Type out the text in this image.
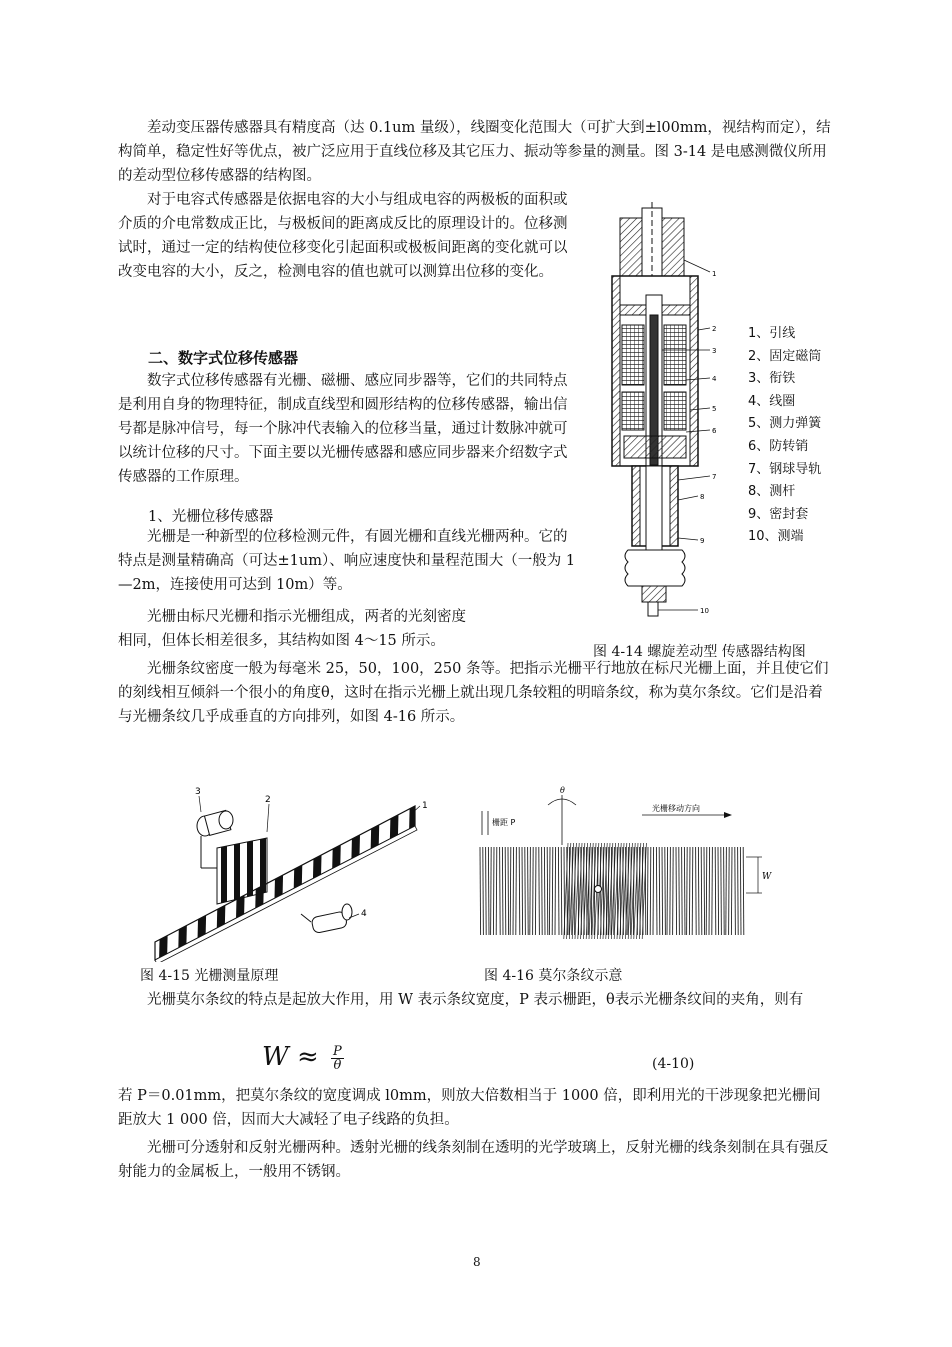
差动变压器传感器具有精度高（达 0.1um 量级），线圈变化范围大（可扩大到±l00mm，视结构而定），结构简单，稳定性好等优点，被广泛应用于直线位移及其它压力、振动等参量的测量。图 3-14 是电感测微仪所用的差动型位移传感器的结构图。

对于电容式传感器是依据电容的大小与组成电容的两极板的面积或介质的介电常数成正比，与极板间的距离成反比的原理设计的。位移测试时，通过一定的结构使位移变化引起面积或极板间距离的变化就可以改变电容的大小，反之，检测电容的值也就可以测算出位移的变化。

二、数字式位移传感器

数字式位移传感器有光栅、磁栅、感应同步器等，它们的共同特点是利用自身的物理特征，制成直线型和圆形结构的位移传感器，输出信号都是脉冲信号，每一个脉冲代表输入的位移当量，通过计数脉冲就可以统计位移的尺寸。下面主要以光栅传感器和感应同步器来介绍数字式传感器的工作原理。

1、光栅位移传感器

光栅是一种新型的位移检测元件，有圆光栅和直线光栅两种。它的特点是测量精确高（可达±1um）、响应速度快和量程范围大（一般为 1—2m，连接使用可达到 10m）等。

光栅由标尺光栅和指示光栅组成，两者的光刻密度相同，但体长相差很多，其结构如图 4～15 所示。

光栅条纹密度一般为每毫米 25，50，100，250 条等。把指示光栅平行地放在标尺光栅上面，并且使它们的刻线相互倾斜一个很小的角度θ，这时在指示光栅上就出现几条较粗的明暗条纹，称为莫尔条纹。它们是沿着与光栅条纹几乎成垂直的方向排列，如图 4-16 所示。

1
2
3
4
5
6
7
8
9
10
1、引线
2、固定磁筒
3、衔铁
4、线圈
5、测力弹簧
6、防转销
7、钢球导轨
8、测杆
9、密封套
10、测端
图 4-14 螺旋差动型 传感器结构图
1
2
3
4
栅距 P
θ
光栅移动方向
W
图 4-15 光栅测量原理	图 4-16 莫尔条纹示意

光栅莫尔条纹的特点是起放大作用，用 W 表示条纹宽度，P 表示栅距，θ表示光栅条纹间的夹角，则有

$W \approx \frac{P}{\theta}$	(4-10)

若 P＝0.01mm，把莫尔条纹的宽度调成 l0mm，则放大倍数相当于 1000 倍，即利用光的干涉现象把光栅间距放大 1 000 倍，因而大大减轻了电子线路的负担。

光栅可分透射和反射光栅两种。透射光栅的线条刻制在透明的光学玻璃上，反射光栅的线条刻制在具有强反射能力的金属板上，一般用不锈钢。

8
